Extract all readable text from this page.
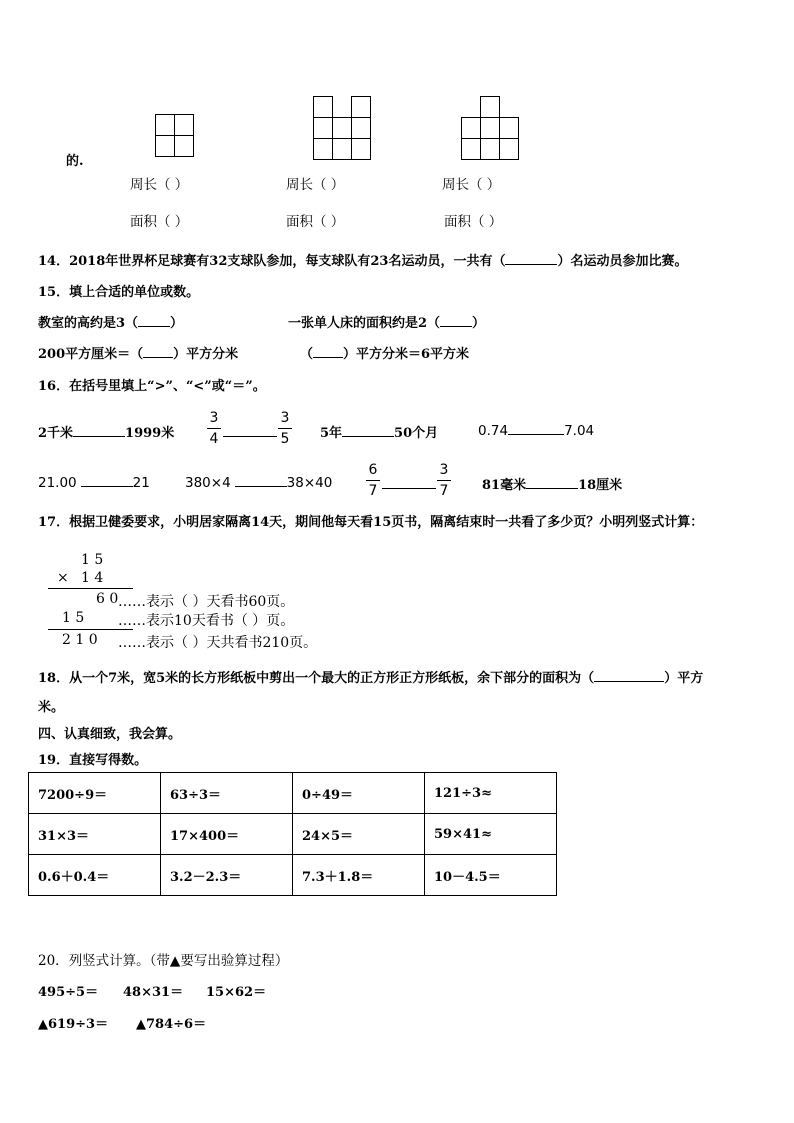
的.
周长（ ）	周长（ ）	周长（ ）
面积（ ）	面积（ ）	面积（ ）
14．2018年世界杯足球赛有32支球队参加，每支球队有23名运动员，一共有（	）名运动员参加比赛。
15．填上合适的单位或数。
教室的高约是3（ ）	一张单人床的面积约是2（ ）
200平方厘米＝（ ）平方分米	（ ）平方分米＝6平方米
16．在括号里填上“>”、“<”或“＝”。
2千米	1999米
3
4
3
5 5年	50个月	0.74	7.04
21.00	21	380×4	38×40
6
7
3
7	81毫米	18厘米
17．根据卫健委要求，小明居家隔离14天，期间他每天看15页书，隔离结束时一共看了多少页？小明列竖式计算：
1 5
× 1 4
6 0 ……表示（ ）天看书60页。
1 5 ……表示10天看书（ ）页。
2 1 0 ……表示（ ）天共看书210页。
18．从一个7米，宽5米的长方形纸板中剪出一个最大的正方形正方形纸板，余下部分的面积为（	）平方
米。
四、认真细致，我会算。
19．直接写得数。
7200÷9＝	63÷3＝	0÷49＝	121÷3≈
31×3＝	17×400＝	24×5＝	59×41≈
0.6＋0.4＝	3.2－2.3＝	7.3＋1.8＝	10－4.5＝
20．列竖式计算。（带▲要写出验算过程）
495÷5＝ 48×31＝ 15×62＝
▲619÷3＝ ▲784÷6＝
